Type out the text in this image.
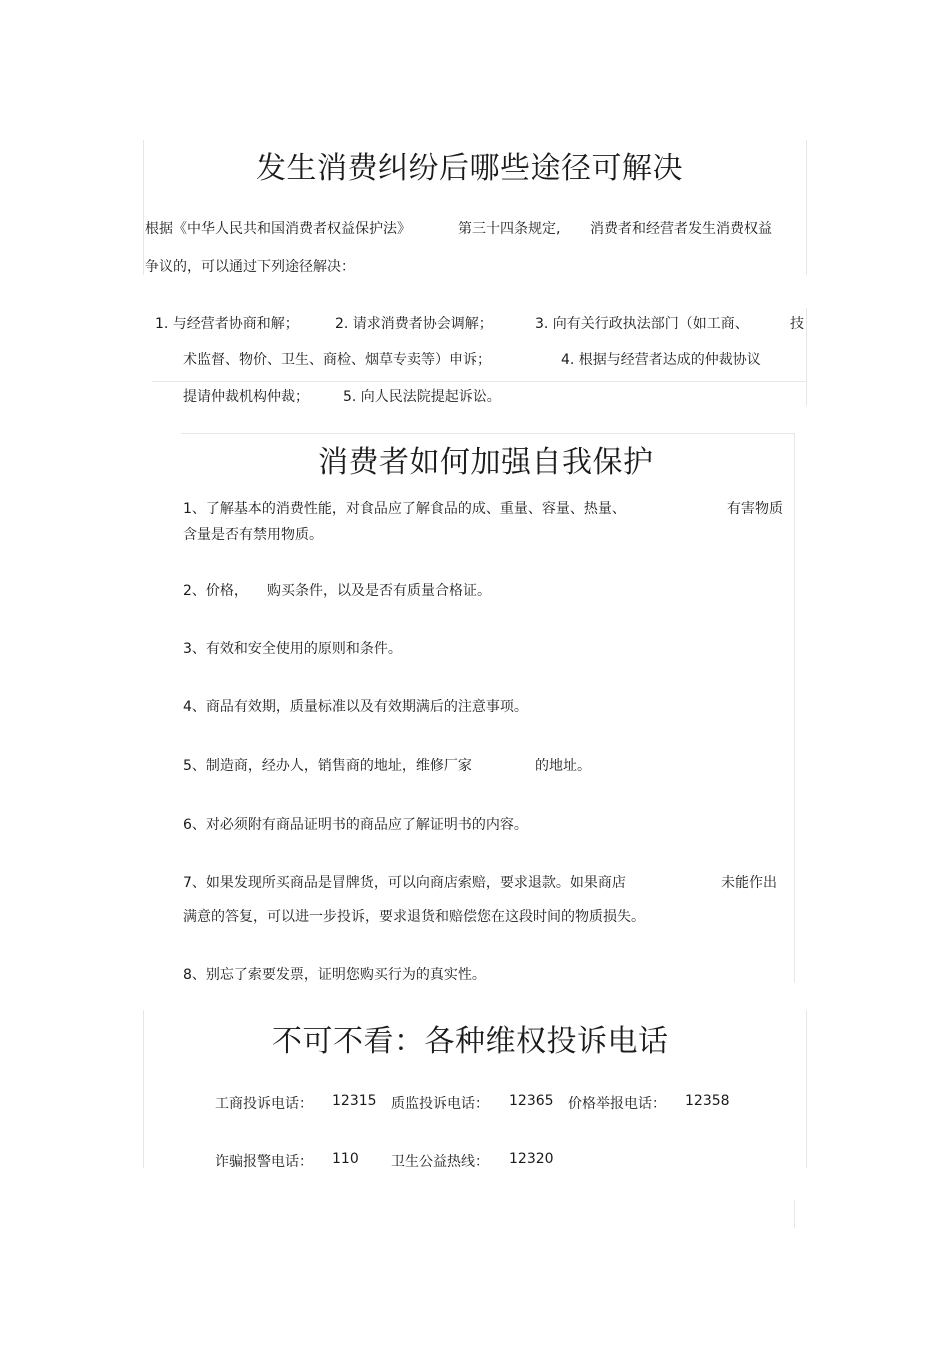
发生消费纠纷后哪些途径可解决
根据《中华人民共和国消费者权益保护法》	第三十四条规定, 消费者和经营者发生消费权益
争议的，可以通过下列途径解决：
1. 与经营者协商和解；	2. 请求消费者协会调解；	3. 向有关行政执法部门（如工商、	技
术监督、物价、卫生、商检、烟草专卖等）申诉；	4. 根据与经营者达成的仲裁协议
提请仲裁机构仲裁； 5. 向人民法院提起诉讼。
消费者如何加强自我保护
1、了解基本的消费性能，对食品应了解食品的成、重量、容量、热量、	有害物质
含量是否有禁用物质。
2、价格， 购买条件，以及是否有质量合格证。
3、有效和安全使用的原则和条件。
4、商品有效期，质量标准以及有效期满后的注意事项。
5、制造商，经办人，销售商的地址，维修厂家	的地址。
6、对必须附有商品证明书的商品应了解证明书的内容。
7、如果发现所买商品是冒牌货，可以向商店索赔，要求退款。如果商店	未能作出
满意的答复，可以进一步投诉，要求退货和赔偿您在这段时间的物质损失。
8、别忘了索要发票，证明您购买行为的真实性。
不可不看：各种维权投诉电话
工商投诉电话： 12315 质监投诉电话： 12365 价格举报电话： 12358
诈骗报警电话： 110 卫生公益热线： 12320
